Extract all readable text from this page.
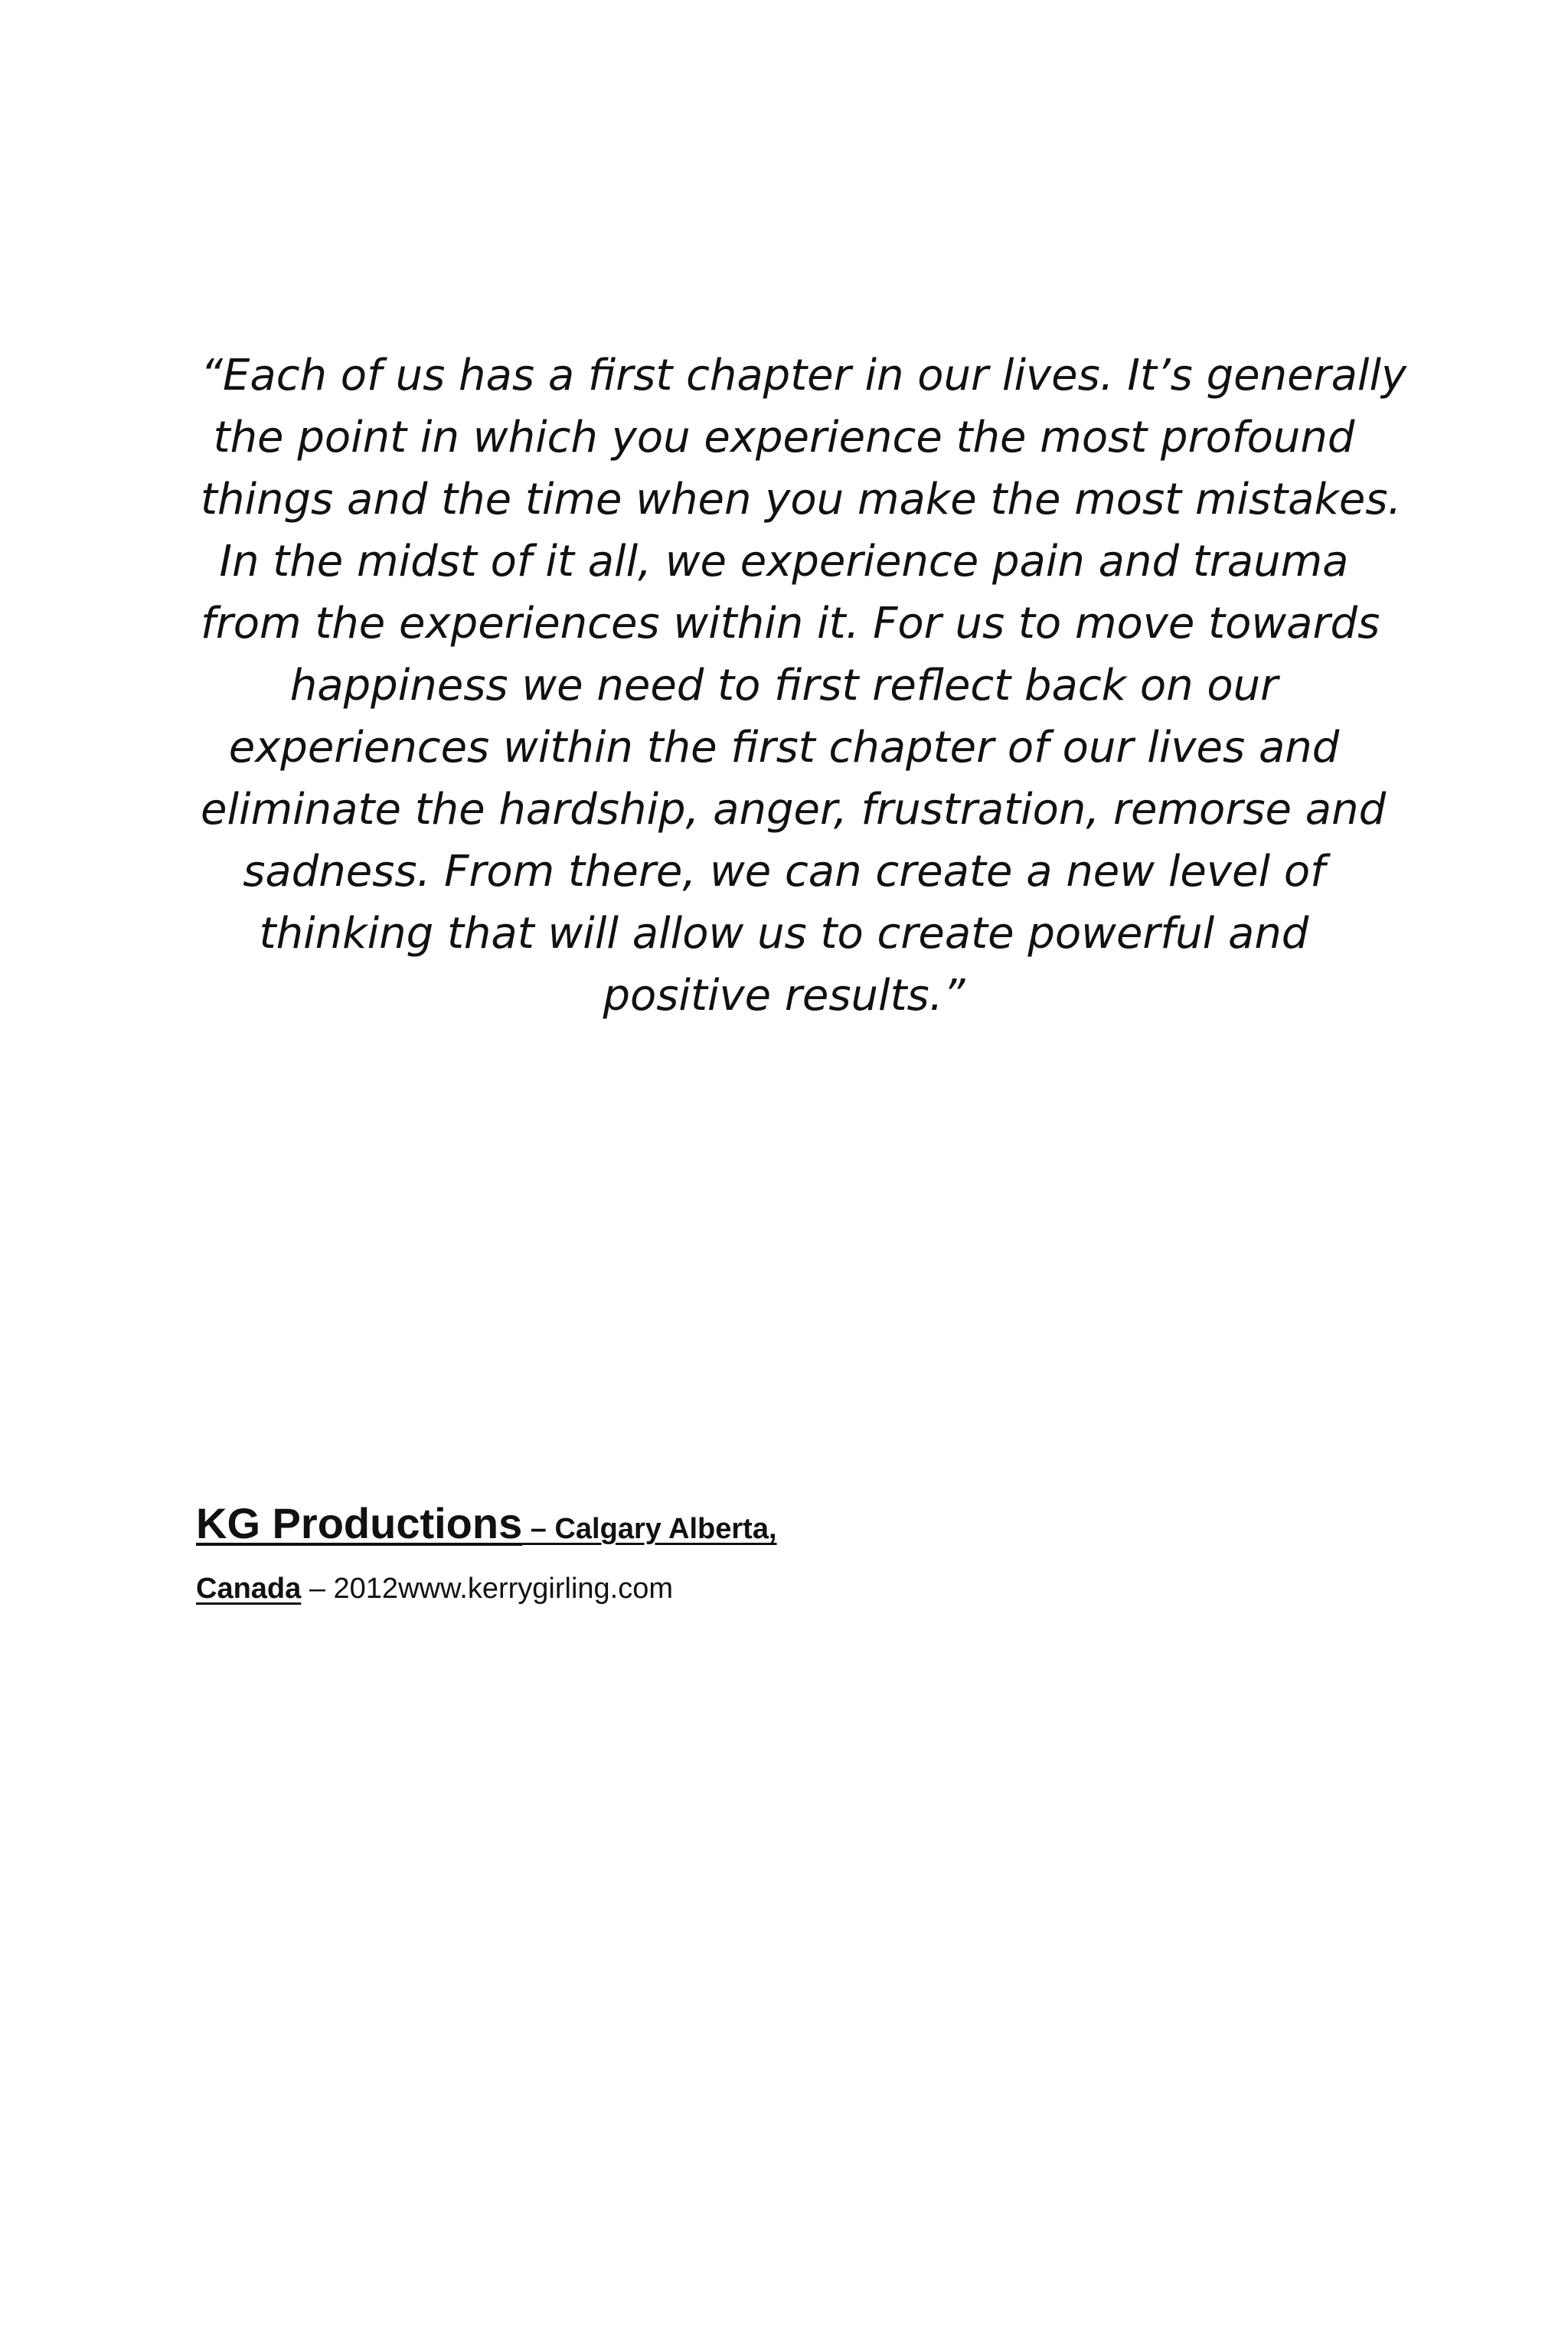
“Each of us has a first chapter in our lives. It’s generally
the point in which you experience the most profound
things and the time when you make the most mistakes.
In the midst of it all, we experience pain and trauma
from the experiences within it. For us to move towards
happiness we need to first reflect back on our
experiences within the first chapter of our lives and
eliminate the hardship, anger, frustration, remorse and
sadness. From there, we can create a new level of
thinking that will allow us to create powerful and
positive results.”
KG Productions – Calgary Alberta,
Canada – 2012www.kerrygirling.com
